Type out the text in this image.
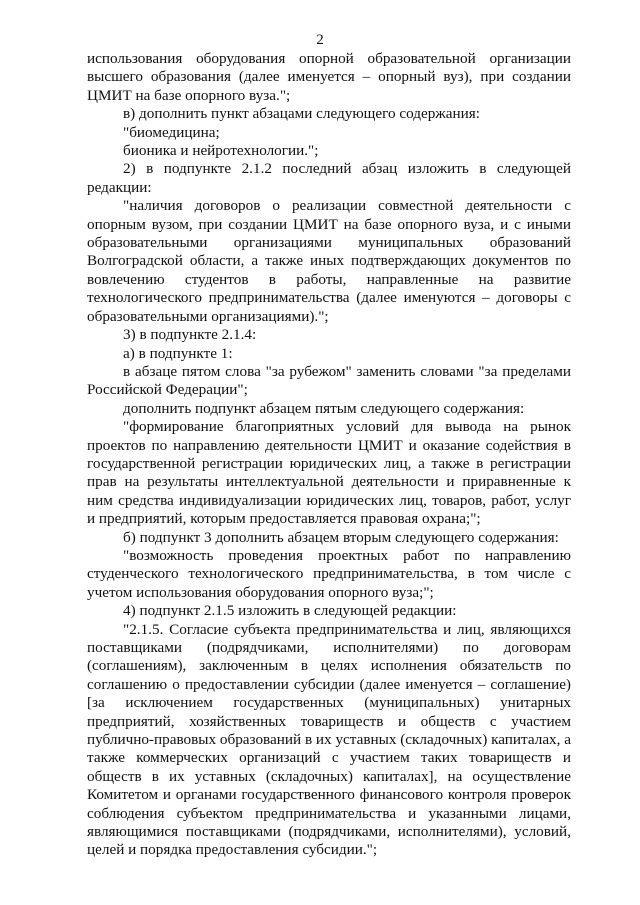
2

использования оборудования опорной образовательной организации высшего образования (далее именуется – опорный вуз), при создании ЦМИТ на базе опорного вуза.";

в) дополнить пункт абзацами следующего содержания:

"биомедицина;

бионика и нейротехнологии.";

2) в подпункте 2.1.2 последний абзац изложить в следующей редакции:

"наличия договоров о реализации совместной деятельности с опорным вузом, при создании ЦМИТ на базе опорного вуза, и с иными образовательными организациями муниципальных образований Волгоградской области, а также иных подтверждающих документов по вовлечению студентов в работы, направленные на развитие технологического предпринимательства (далее именуются – договоры с образовательными организациями).";

3) в подпункте 2.1.4:

а) в подпункте 1:

в абзаце пятом слова "за рубежом" заменить словами "за пределами Российской Федерации";

дополнить подпункт абзацем пятым следующего содержания:

"формирование благоприятных условий для вывода на рынок проектов по направлению деятельности ЦМИТ и оказание содействия в государственной регистрации юридических лиц, а также в регистрации прав на результаты интеллектуальной деятельности и приравненные к ним средства индивидуализации юридических лиц, товаров, работ, услуг и предприятий, которым предоставляется правовая охрана;";

б) подпункт 3 дополнить абзацем вторым следующего содержания:

"возможность проведения проектных работ по направлению студенческого технологического предпринимательства, в том числе с учетом использования оборудования опорного вуза;";

4) подпункт 2.1.5 изложить в следующей редакции:

"2.1.5. Согласие субъекта предпринимательства и лиц, являющихся поставщиками (подрядчиками, исполнителями) по договорам (соглашениям), заключенным в целях исполнения обязательств по соглашению о предоставлении субсидии (далее именуется – соглашение) [за исключением государственных (муниципальных) унитарных предприятий, хозяйственных товариществ и обществ с участием публично-правовых образований в их уставных (складочных) капиталах, а также коммерческих организаций с участием таких товариществ и обществ в их уставных (складочных) капиталах], на осуществление Комитетом и органами государственного финансового контроля проверок соблюдения субъектом предпринимательства и указанными лицами, являющимися поставщиками (подрядчиками, исполнителями), условий, целей и порядка предоставления субсидии.";
